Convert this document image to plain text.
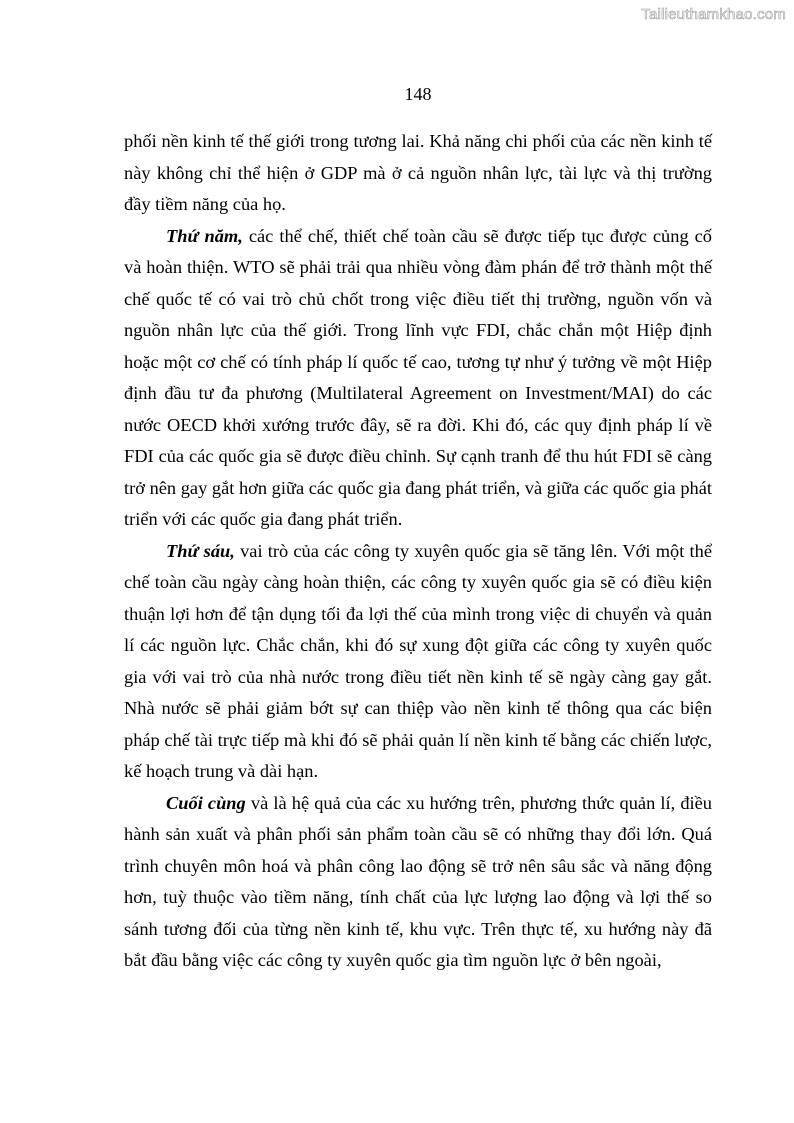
Tailieuthamkhao.com
148

phối nền kinh tế thế giới trong tương lai. Khả năng chi phối của các nền kinh tế này không chỉ thể hiện ở GDP mà ở cả nguồn nhân lực, tài lực và thị trường đầy tiềm năng của họ.

Thứ năm, các thể chế, thiết chế toàn cầu sẽ được tiếp tục được củng cố và hoàn thiện. WTO sẽ phải trải qua nhiều vòng đàm phán để trở thành một thế chế quốc tế có vai trò chủ chốt trong việc điều tiết thị trường, nguồn vốn và nguồn nhân lực của thế giới. Trong lĩnh vực FDI, chắc chắn một Hiệp định hoặc một cơ chế có tính pháp lí quốc tế cao, tương tự như ý tưởng về một Hiệp định đầu tư đa phương (Multilateral Agreement on Investment/MAI) do các nước OECD khởi xướng trước đây, sẽ ra đời. Khi đó, các quy định pháp lí về FDI của các quốc gia sẽ được điều chỉnh. Sự cạnh tranh để thu hút FDI sẽ càng trở nên gay gắt hơn giữa các quốc gia đang phát triển, và giữa các quốc gia phát triển với các quốc gia đang phát triển.

Thứ sáu, vai trò của các công ty xuyên quốc gia sẽ tăng lên. Với một thể chế toàn cầu ngày càng hoàn thiện, các công ty xuyên quốc gia sẽ có điều kiện thuận lợi hơn để tận dụng tối đa lợi thế của mình trong việc di chuyển và quản lí các nguồn lực. Chắc chắn, khi đó sự xung đột giữa các công ty xuyên quốc gia với vai trò của nhà nước trong điều tiết nền kinh tế sẽ ngày càng gay gắt. Nhà nước sẽ phải giảm bớt sự can thiệp vào nền kinh tế thông qua các biện pháp chế tài trực tiếp mà khi đó sẽ phải quản lí nền kinh tế bằng các chiến lược, kế hoạch trung và dài hạn.

Cuối cùng và là hệ quả của các xu hướng trên, phương thức quản lí, điều hành sản xuất và phân phối sản phẩm toàn cầu sẽ có những thay đổi lớn. Quá trình chuyên môn hoá và phân công lao động sẽ trở nên sâu sắc và năng động hơn, tuỳ thuộc vào tiềm năng, tính chất của lực lượng lao động và lợi thế so sánh tương đối của từng nền kinh tế, khu vực. Trên thực tế, xu hướng này đã bắt đầu bằng việc các công ty xuyên quốc gia tìm nguồn lực ở bên ngoài,
